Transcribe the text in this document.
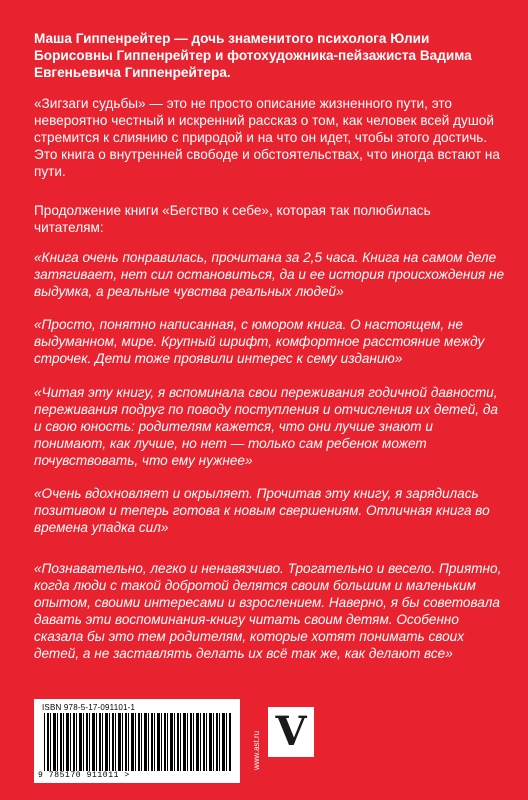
Маша Гиппенрейтер — дочь знаменитого психолога Юлии Борисовны Гиппенрейтер и фотохудожника-пейзажиста Вадима Евгеньевича Гиппенрейтера.
«Зигзаги судьбы» — это не просто описание жизненного пути, это невероятно честный и искренний рассказ о том, как человек всей душой стремится к слиянию с природой и на что он идет, чтобы этого достичь.
Это книга о внутренней свободе и обстоятельствах, что иногда встают на пути.
Продолжение книги «Бегство к себе», которая так полюбилась читателям:
«Книга очень понравилась, прочитана за 2,5 часа. Книга на самом деле затягивает, нет сил остановиться, да и ее история происхождения не выдумка, а реальные чувства реальных людей»
«Просто, понятно написанная, с юмором книга. О настоящем, не выдуманном, мире. Крупный шрифт, комфортное расстояние между строчек. Дети тоже проявили интерес к сему изданию»
«Читая эту книгу, я вспоминала свои переживания годичной давности, переживания подруг по поводу поступления и отчисления их детей, да и свою юность: родителям кажется, что они лучше знают и понимают, как лучше, но нет — только сам ребенок может почувствовать, что ему нужнее»
«Очень вдохновляет и окрыляет. Прочитав эту книгу, я зарядилась позитивом и теперь готова к новым свершениям. Отличная книга во времена упадка сил»
«Познавательно, легко и ненавязчиво. Трогательно и весело. Приятно, когда люди с такой добротой делятся своим большим и маленьким опытом, своими интересами и взрослением. Наверно, я бы советовала давать эти воспоминания-книгу читать своим детям. Особенно сказала бы это тем родителям, которые хотят понимать своих детей, а не заставлять делать их всё так же, как делают все»
ISBN 978-5-17-091101-1
9 785170 911011 >
www.ast.ru V
